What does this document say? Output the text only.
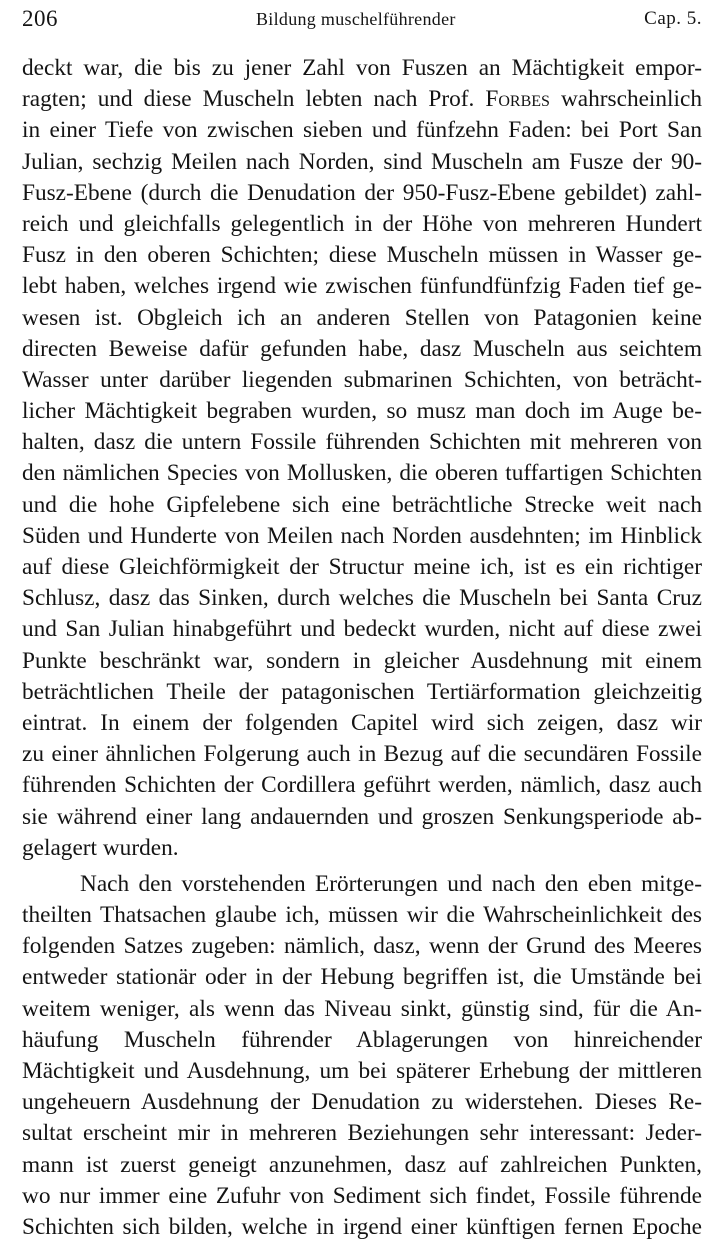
206	Bildung muschelführender	Cap. 5.
deckt war, die bis zu jener Zahl von Fuszen an Mächtigkeit empor-
ragten; und diese Muscheln lebten nach Prof. Forbes wahrscheinlich
in einer Tiefe von zwischen sieben und fünfzehn Faden: bei Port San
Julian, sechzig Meilen nach Norden, sind Muscheln am Fusze der 90-
Fusz-Ebene (durch die Denudation der 950-Fusz-Ebene gebildet) zahl-
reich und gleichfalls gelegentlich in der Höhe von mehreren Hundert
Fusz in den oberen Schichten; diese Muscheln müssen in Wasser ge-
lebt haben, welches irgend wie zwischen fünfundfünfzig Faden tief ge-
wesen ist. Obgleich ich an anderen Stellen von Patagonien keine
directen Beweise dafür gefunden habe, dasz Muscheln aus seichtem
Wasser unter darüber liegenden submarinen Schichten, von beträcht-
licher Mächtigkeit begraben wurden, so musz man doch im Auge be-
halten, dasz die untern Fossile führenden Schichten mit mehreren von
den nämlichen Species von Mollusken, die oberen tuffartigen Schichten
und die hohe Gipfelebene sich eine beträchtliche Strecke weit nach
Süden und Hunderte von Meilen nach Norden ausdehnten; im Hinblick
auf diese Gleichförmigkeit der Structur meine ich, ist es ein richtiger
Schlusz, dasz das Sinken, durch welches die Muscheln bei Santa Cruz
und San Julian hinabgeführt und bedeckt wurden, nicht auf diese zwei
Punkte beschränkt war, sondern in gleicher Ausdehnung mit einem
beträchtlichen Theile der patagonischen Tertiärformation gleichzeitig
eintrat. In einem der folgenden Capitel wird sich zeigen, dasz wir
zu einer ähnlichen Folgerung auch in Bezug auf die secundären Fossile
führenden Schichten der Cordillera geführt werden, nämlich, dasz auch
sie während einer lang andauernden und groszen Senkungsperiode ab-
gelagert wurden.
Nach den vorstehenden Erörterungen und nach den eben mitge-
theilten Thatsachen glaube ich, müssen wir die Wahrscheinlichkeit des
folgenden Satzes zugeben: nämlich, dasz, wenn der Grund des Meeres
entweder stationär oder in der Hebung begriffen ist, die Umstände bei
weitem weniger, als wenn das Niveau sinkt, günstig sind, für die An-
häufung Muscheln führender Ablagerungen von hinreichender
Mächtigkeit und Ausdehnung, um bei späterer Erhebung der mittleren
ungeheuern Ausdehnung der Denudation zu widerstehen. Dieses Re-
sultat erscheint mir in mehreren Beziehungen sehr interessant: Jeder-
mann ist zuerst geneigt anzunehmen, dasz auf zahlreichen Punkten,
wo nur immer eine Zufuhr von Sediment sich findet, Fossile führende
Schichten sich bilden, welche in irgend einer künftigen fernen Epoche
